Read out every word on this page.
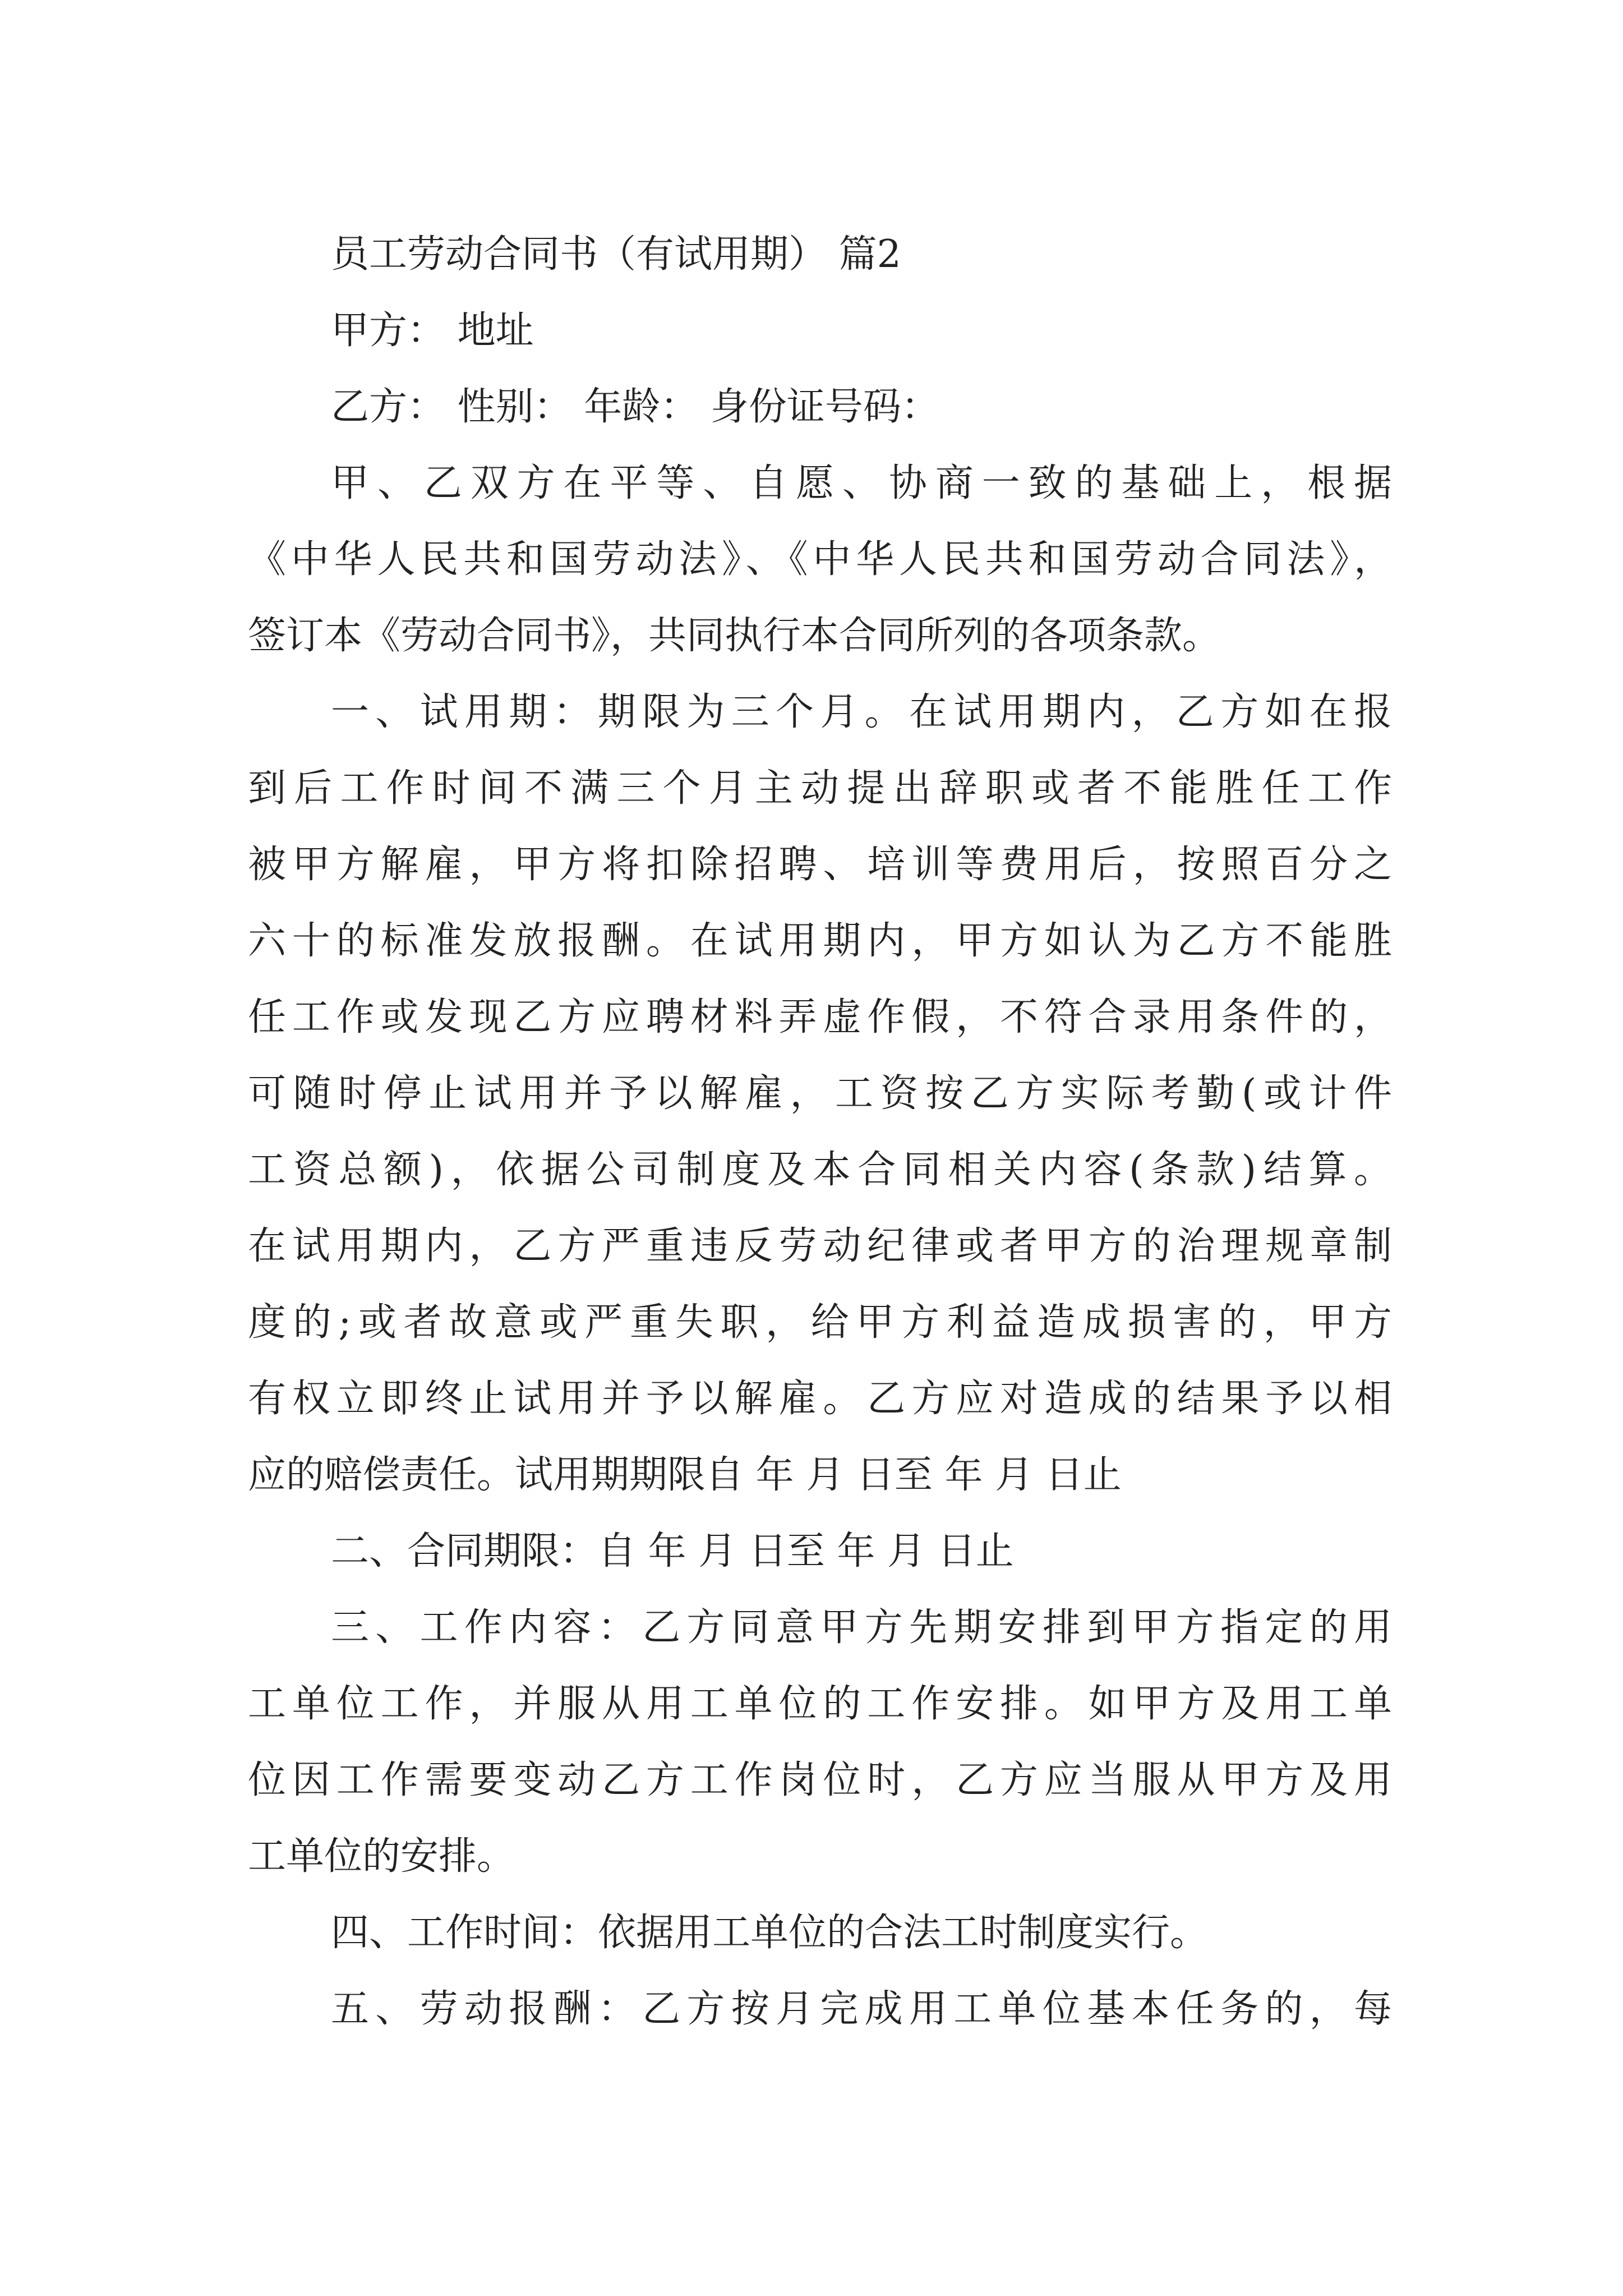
员工劳动合同书（有试用期） 篇2
甲方： 地址
乙方： 性别： 年龄： 身份证号码：
甲、乙双方在平等、自愿、协商一致的基础上，根据
《中华人民共和国劳动法》、《中华人民共和国劳动合同法》，
签订本《劳动合同书》，共同执行本合同所列的各项条款。
一、试用期：期限为三个月。在试用期内，乙方如在报
到后工作时间不满三个月主动提出辞职或者不能胜任工作
被甲方解雇，甲方将扣除招聘、培训等费用后，按照百分之
六十的标准发放报酬。在试用期内，甲方如认为乙方不能胜
任工作或发现乙方应聘材料弄虚作假，不符合录用条件的，
可随时停止试用并予以解雇，工资按乙方实际考勤(或计件
工资总额)，依据公司制度及本合同相关内容(条款)结算。
在试用期内，乙方严重违反劳动纪律或者甲方的治理规章制
度的;或者故意或严重失职，给甲方利益造成损害的，甲方
有权立即终止试用并予以解雇。乙方应对造成的结果予以相
应的赔偿责任。试用期期限自 年 月 日至 年 月 日止
二、合同期限：自 年 月 日至 年 月 日止
三、工作内容：乙方同意甲方先期安排到甲方指定的用
工单位工作，并服从用工单位的工作安排。如甲方及用工单
位因工作需要变动乙方工作岗位时，乙方应当服从甲方及用
工单位的安排。
四、工作时间：依据用工单位的合法工时制度实行。
五、劳动报酬：乙方按月完成用工单位基本任务的，每
